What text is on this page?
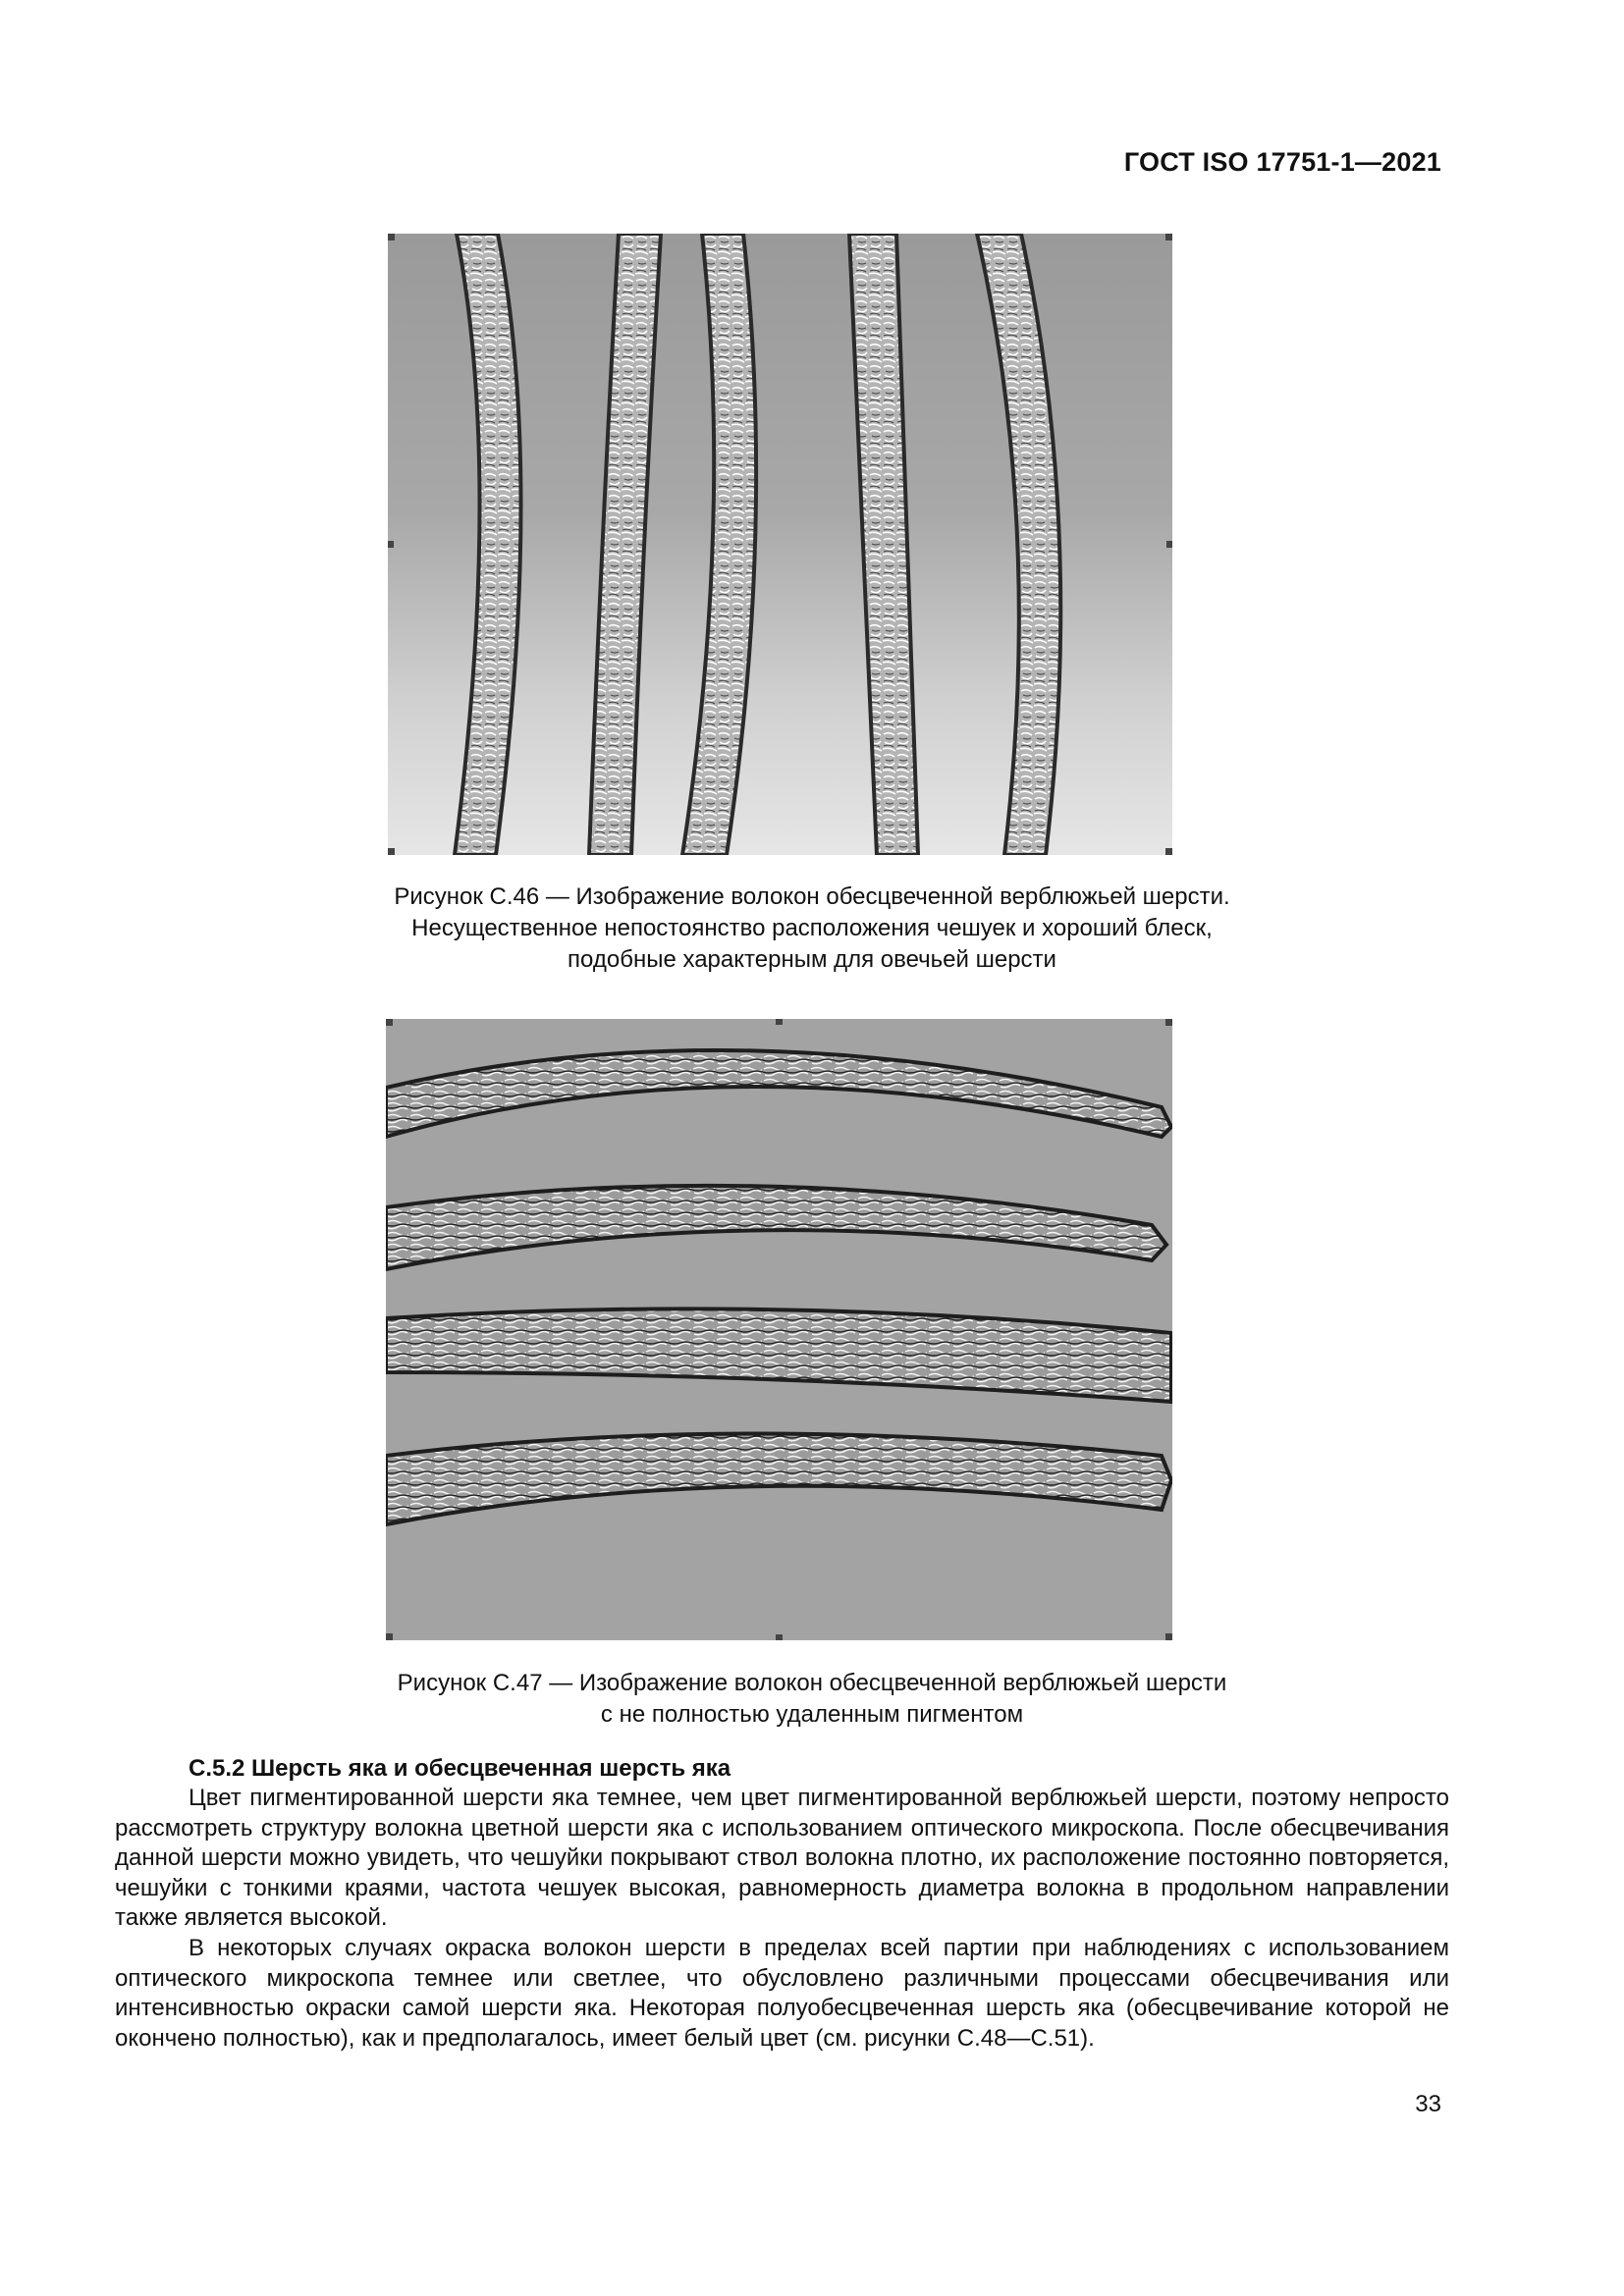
ГОСТ ISO 17751-1—2021
Рисунок С.46 — Изображение волокон обесцвеченной верблюжьей шерсти.
Несущественное непостоянство расположения чешуек и хороший блеск,
подобные характерным для овечьей шерсти
Рисунок С.47 — Изображение волокон обесцвеченной верблюжьей шерсти
с не полностью удаленным пигментом
С.5.2 Шерсть яка и обесцвеченная шерсть яка

Цвет пигментированной шерсти яка темнее, чем цвет пигментированной верблюжьей шерсти, поэтому непросто рассмотреть структуру волокна цветной шерсти яка с использованием оптического микроскопа. После обесцвечивания данной шерсти можно увидеть, что чешуйки покрывают ствол волокна плотно, их расположение постоянно повторяется, чешуйки с тонкими краями, частота чешуек высокая, равномерность диаметра волокна в продольном направлении также является высокой.

В некоторых случаях окраска волокон шерсти в пределах всей партии при наблюдениях с использованием оптического микроскопа темнее или светлее, что обусловлено различными процессами обесцвечивания или интенсивностью окраски самой шерсти яка. Некоторая полуобесцвеченная шерсть яка (обесцвечивание которой не окончено полностью), как и предполагалось, имеет белый цвет (см. рисунки С.48—С.51).

33
